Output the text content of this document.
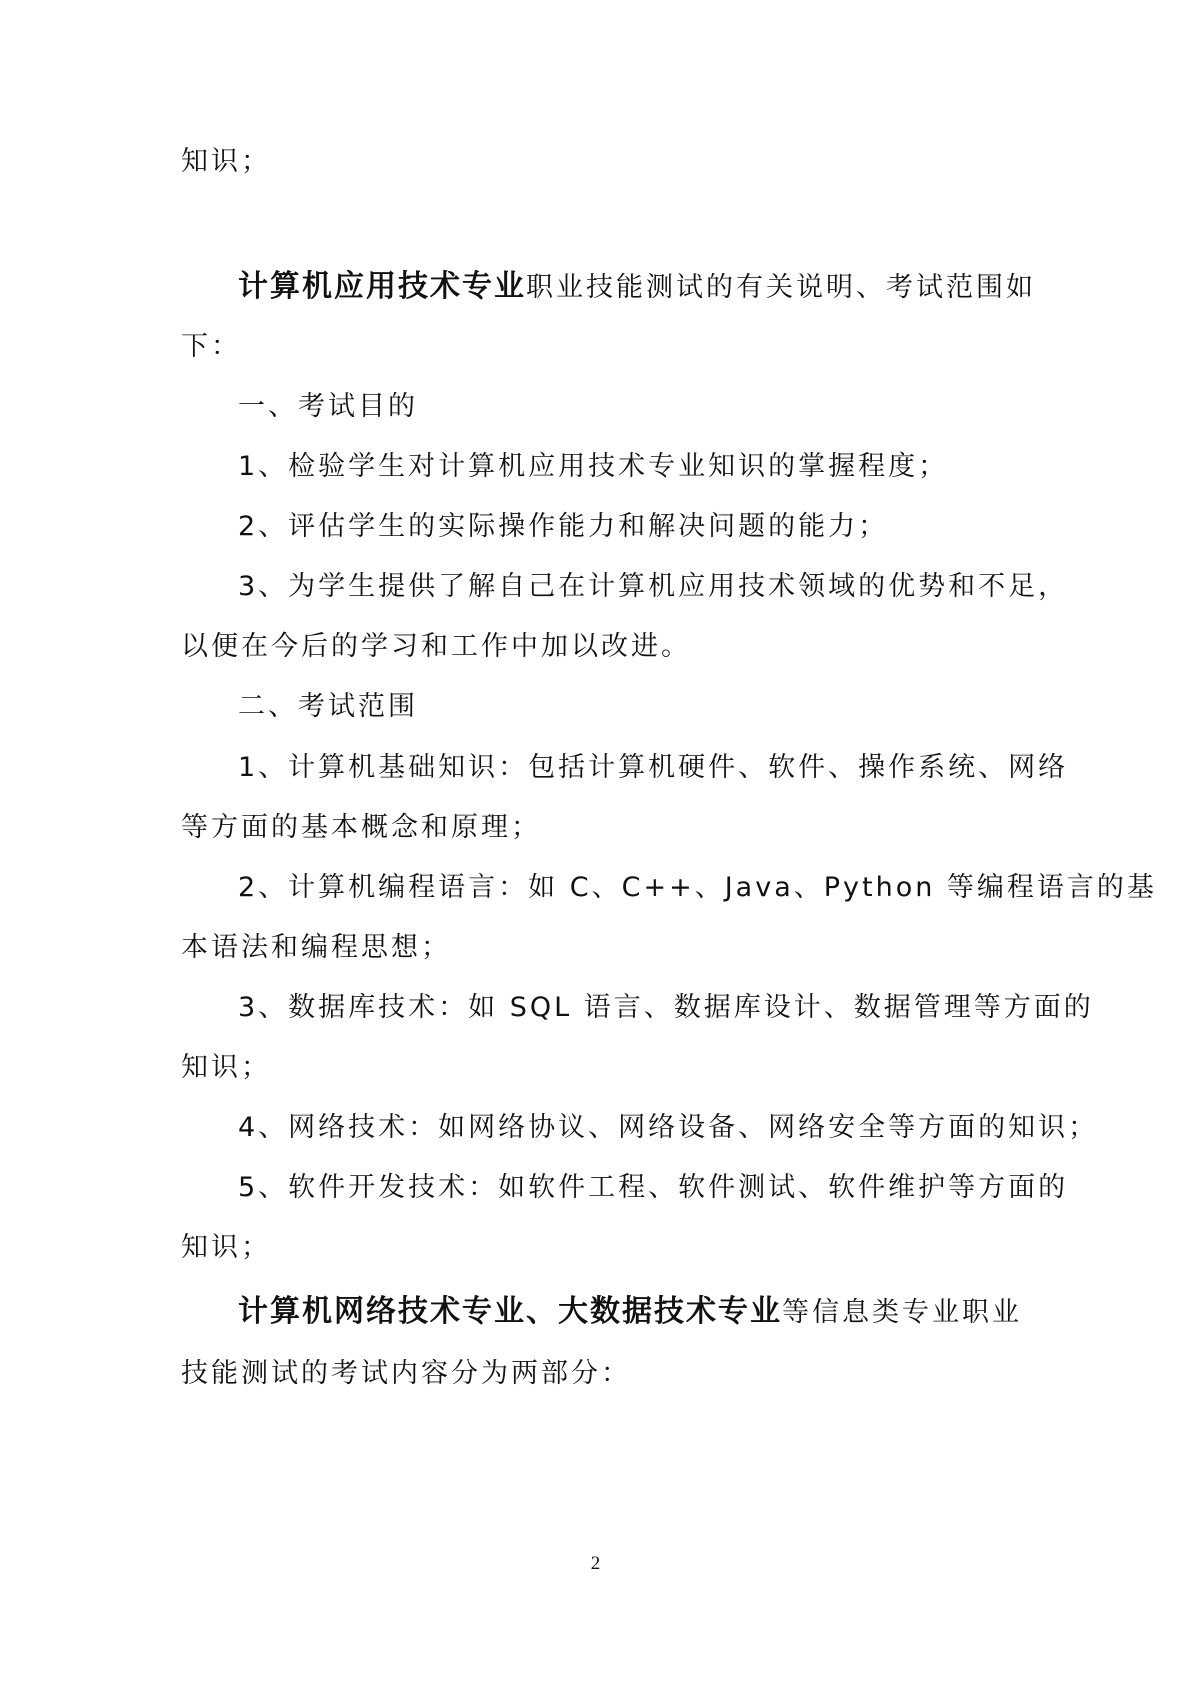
知识；
计算机应用技术专业职业技能测试的有关说明、考试范围如
下：
一、考试目的
1、检验学生对计算机应用技术专业知识的掌握程度；
2、评估学生的实际操作能力和解决问题的能力；
3、为学生提供了解自己在计算机应用技术领域的优势和不足，
以便在今后的学习和工作中加以改进。
二、考试范围
1、计算机基础知识：包括计算机硬件、软件、操作系统、网络
等方面的基本概念和原理；
2、计算机编程语言：如 C、C++、Java、Python 等编程语言的基
本语法和编程思想；
3、数据库技术：如 SQL 语言、数据库设计、数据管理等方面的
知识；
4、网络技术：如网络协议、网络设备、网络安全等方面的知识；
5、软件开发技术：如软件工程、软件测试、软件维护等方面的
知识；
计算机网络技术专业、大数据技术专业等信息类专业职业
技能测试的考试内容分为两部分：
2
